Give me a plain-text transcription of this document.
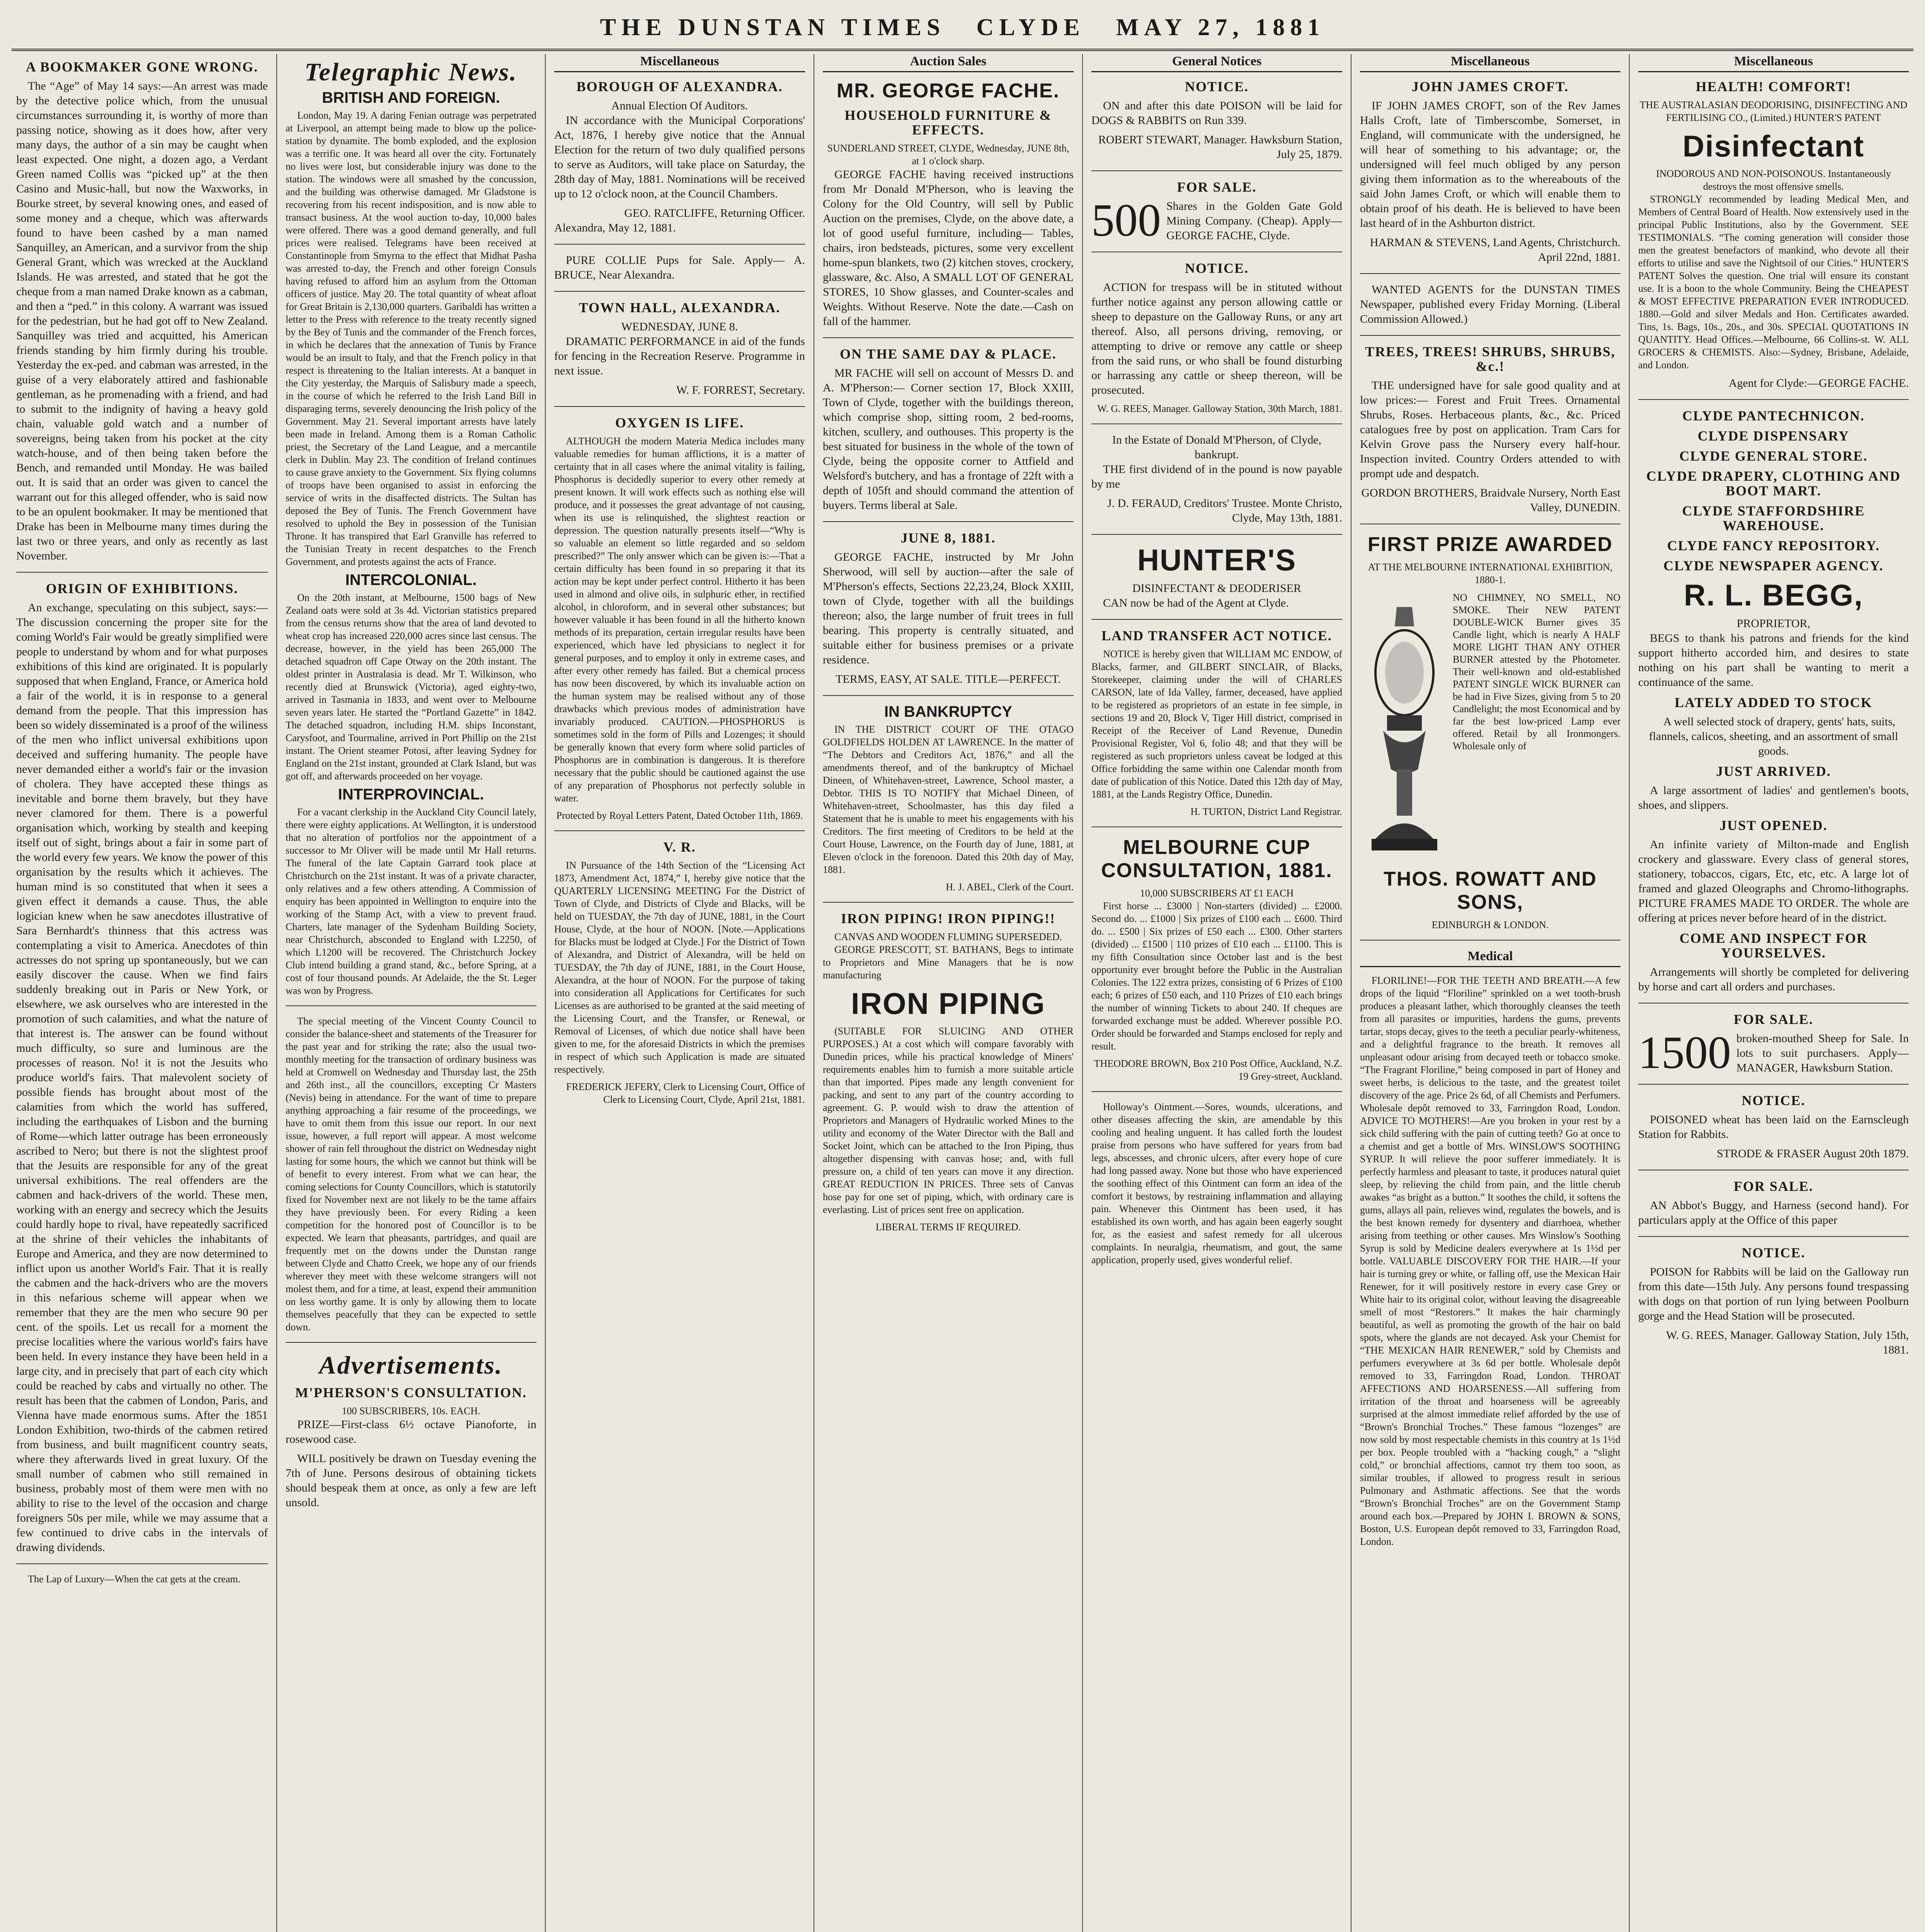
THE DUNSTAN TIMES CLYDE MAY 27, 1881
A BOOKMAKER GONE WRONG.
The “Age” of May 14 says:—An arrest was made by the detective police which, from the unusual circumstances surrounding it, is worthy of more than passing notice, showing as it does how, after very many days, the author of a sin may be caught when least expected. One night, a dozen ago, a Verdant Green named Collis was “picked up” at the then Casino and Music-hall, but now the Waxworks, in Bourke street, by several knowing ones, and eased of some money and a cheque, which was afterwards found to have been cashed by a man named Sanquilley, an American, and a survivor from the ship General Grant, which was wrecked at the Auckland Islands. He was arrested, and stated that he got the cheque from a man named Drake known as a cabman, and then a “ped.” in this colony. A warrant was issued for the pedestrian, but he had got off to New Zealand. Sanquilley was tried and acquitted, his American friends standing by him firmly during his trouble. Yesterday the ex-ped. and cabman was arrested, in the guise of a very elaborately attired and fashionable gentleman, as he promenading with a friend, and had to submit to the indignity of having a heavy gold chain, valuable gold watch and a number of sovereigns, being taken from his pocket at the city watch-house, and of then being taken before the Bench, and remanded until Monday. He was bailed out. It is said that an order was given to cancel the warrant out for this alleged offender, who is said now to be an opulent bookmaker. It may be mentioned that Drake has been in Melbourne many times during the last two or three years, and only as recently as last November.
ORIGIN OF EXHIBITIONS.
An exchange, speculating on this subject, says:—The discussion concerning the proper site for the coming World's Fair would be greatly simplified were people to understand by whom and for what purposes exhibitions of this kind are originated. It is popularly supposed that when England, France, or America hold a fair of the world, it is in response to a general demand from the people. That this impression has been so widely disseminated is a proof of the wiliness of the men who inflict universal exhibitions upon deceived and suffering humanity. The people have never demanded either a world's fair or the invasion of cholera. They have accepted these things as inevitable and borne them bravely, but they have never clamored for them. There is a powerful organisation which, working by stealth and keeping itself out of sight, brings about a fair in some part of the world every few years. We know the power of this organisation by the results which it achieves. The human mind is so constituted that when it sees a given effect it demands a cause. Thus, the able logician knew when he saw anecdotes illustrative of Sara Bernhardt's thinness that this actress was contemplating a visit to America. Anecdotes of thin actresses do not spring up spontaneously, but we can easily discover the cause. When we find fairs suddenly breaking out in Paris or New York, or elsewhere, we ask ourselves who are interested in the promotion of such calamities, and what the nature of that interest is. The answer can be found without much difficulty, so sure and luminous are the processes of reason. No! it is not the Jesuits who produce world's fairs. That malevolent society of possible fiends has brought about most of the calamities from which the world has suffered, including the earthquakes of Lisbon and the burning of Rome—which latter outrage has been erroneously ascribed to Nero; but there is not the slightest proof that the Jesuits are responsible for any of the great universal exhibitions. The real offenders are the cabmen and hack-drivers of the world. These men, working with an energy and secrecy which the Jesuits could hardly hope to rival, have repeatedly sacrificed at the shrine of their vehicles the inhabitants of Europe and America, and they are now determined to inflict upon us another World's Fair. That it is really the cabmen and the hack-drivers who are the movers in this nefarious scheme will appear when we remember that they are the men who secure 90 per cent. of the spoils. Let us recall for a moment the precise localities where the various world's fairs have been held. In every instance they have been held in a large city, and in precisely that part of each city which could be reached by cabs and virtually no other. The result has been that the cabmen of London, Paris, and Vienna have made enormous sums. After the 1851 London Exhibition, two-thirds of the cabmen retired from business, and built magnificent country seats, where they afterwards lived in great luxury. Of the small number of cabmen who still remained in business, probably most of them were men with no ability to rise to the level of the occasion and charge foreigners 50s per mile, while we may assume that a few continued to drive cabs in the intervals of drawing dividends.
The Lap of Luxury—When the cat gets at the cream.
Telegraphic News.
BRITISH AND FOREIGN.
London, May 19. A daring Fenian outrage was perpetrated at Liverpool, an attempt being made to blow up the police-station by dynamite. The bomb exploded, and the explosion was a terrific one. It was heard all over the city. Fortunately no lives were lost, but considerable injury was done to the station. The windows were all smashed by the concussion, and the building was otherwise damaged. Mr Gladstone is recovering from his recent indisposition, and is now able to transact business. At the wool auction to-day, 10,000 bales were offered. There was a good demand generally, and full prices were realised. Telegrams have been received at Constantinople from Smyrna to the effect that Midhat Pasha was arrested to-day, the French and other foreign Consuls having refused to afford him an asylum from the Ottoman officers of justice. May 20. The total quantity of wheat afloat for Great Britain is 2,130,000 quarters. Garibaldi has written a letter to the Press with reference to the treaty recently signed by the Bey of Tunis and the commander of the French forces, in which he declares that the annexation of Tunis by France would be an insult to Italy, and that the French policy in that respect is threatening to the Italian interests. At a banquet in the City yesterday, the Marquis of Salisbury made a speech, in the course of which he referred to the Irish Land Bill in disparaging terms, severely denouncing the Irish policy of the Government. May 21. Several important arrests have lately been made in Ireland. Among them is a Roman Catholic priest, the Secretary of the Land League, and a mercantile clerk in Dublin. May 23. The condition of Ireland continues to cause grave anxiety to the Government. Six flying columns of troops have been organised to assist in enforcing the service of writs in the disaffected districts. The Sultan has deposed the Bey of Tunis. The French Government have resolved to uphold the Bey in possession of the Tunisian Throne. It has transpired that Earl Granville has referred to the Tunisian Treaty in recent despatches to the French Government, and protests against the acts of France.
INTERCOLONIAL.
On the 20th instant, at Melbourne, 1500 bags of New Zealand oats were sold at 3s 4d. Victorian statistics prepared from the census returns show that the area of land devoted to wheat crop has increased 220,000 acres since last census. The decrease, however, in the yield has been 265,000 The detached squadron off Cape Otway on the 20th instant. The oldest printer in Australasia is dead. Mr T. Wilkinson, who recently died at Brunswick (Victoria), aged eighty-two, arrived in Tasmania in 1833, and went over to Melbourne seven years later. He started the “Portland Gazette” in 1842. The detached squadron, including H.M. ships Inconstant, Carysfoot, and Tourmaline, arrived in Port Phillip on the 21st instant. The Orient steamer Potosi, after leaving Sydney for England on the 21st instant, grounded at Clark Island, but was got off, and afterwards proceeded on her voyage.
INTERPROVINCIAL.
For a vacant clerkship in the Auckland City Council lately, there were eighty applications. At Wellington, it is understood that no alteration of portfolios nor the appointment of a successor to Mr Oliver will be made until Mr Hall returns. The funeral of the late Captain Garrard took place at Christchurch on the 21st instant. It was of a private character, only relatives and a few others attending. A Commission of enquiry has been appointed in Wellington to enquire into the working of the Stamp Act, with a view to prevent fraud. Charters, late manager of the Sydenham Building Society, near Christchurch, absconded to England with L2250, of which L1200 will be recovered. The Christchurch Jockey Club intend building a grand stand, &c., before Spring, at a cost of four thousand pounds. At Adelaide, the the St. Leger was won by Progress.
The special meeting of the Vincent County Council to consider the balance-sheet and statements of the Treasurer for the past year and for striking the rate; also the usual two-monthly meeting for the transaction of ordinary business was held at Cromwell on Wednesday and Thursday last, the 25th and 26th inst., all the councillors, excepting Cr Masters (Nevis) being in attendance. For the want of time to prepare anything approaching a fair resume of the proceedings, we have to omit them from this issue our report. In our next issue, however, a full report will appear. A most welcome shower of rain fell throughout the district on Wednesday night lasting for some hours, the which we cannot but think will be of benefit to every interest. From what we can hear, the coming selections for County Councillors, which is statutorily fixed for November next are not likely to be the tame affairs they have previously been. For every Riding a keen competition for the honored post of Councillor is to be expected. We learn that pheasants, partridges, and quail are frequently met on the downs under the Dunstan range between Clyde and Chatto Creek, we hope any of our friends wherever they meet with these welcome strangers will not molest them, and for a time, at least, expend their ammunition on less worthy game. It is only by allowing them to locate themselves peacefully that they can be expected to settle down.
Advertisements.
M'PHERSON'S CONSULTATION.
100 SUBSCRIBERS, 10s. EACH.
PRIZE—First-class 6½ octave Pianoforte, in rosewood case.
WILL positively be drawn on Tuesday evening the 7th of June. Persons desirous of obtaining tickets should bespeak them at once, as only a few are left unsold.
Miscellaneous
BOROUGH OF ALEXANDRA.
Annual Election Of Auditors.
IN accordance with the Municipal Corporations' Act, 1876, I hereby give notice that the Annual Election for the return of two duly qualified persons to serve as Auditors, will take place on Saturday, the 28th day of May, 1881. Nominations will be received up to 12 o'clock noon, at the Council Chambers.
GEO. RATCLIFFE, Returning Officer.
Alexandra, May 12, 1881.
PURE COLLIE Pups for Sale. Apply— A. BRUCE, Near Alexandra.
TOWN HALL, ALEXANDRA.
WEDNESDAY, JUNE 8.
DRAMATIC PERFORMANCE in aid of the funds for fencing in the Recreation Reserve. Programme in next issue.
W. F. FORREST, Secretary.
OXYGEN IS LIFE.
ALTHOUGH the modern Materia Medica includes many valuable remedies for human afflictions, it is a matter of certainty that in all cases where the animal vitality is failing, Phosphorus is decidedly superior to every other remedy at present known. It will work effects such as nothing else will produce, and it possesses the great advantage of not causing, when its use is relinquished, the slightest reaction or depression. The question naturally presents itself—“Why is so valuable an element so little regarded and so seldom prescribed?” The only answer which can be given is:—That a certain difficulty has been found in so preparing it that its action may be kept under perfect control. Hitherto it has been used in almond and olive oils, in sulphuric ether, in rectified alcohol, in chloroform, and in several other substances; but however valuable it has been found in all the hitherto known methods of its preparation, certain irregular results have been experienced, which have led physicians to neglect it for general purposes, and to employ it only in extreme cases, and after every other remedy has failed. But a chemical process has now been discovered, by which its invaluable action on the human system may be realised without any of those drawbacks which previous modes of administration have invariably produced. CAUTION.—PHOSPHORUS is sometimes sold in the form of Pills and Lozenges; it should be generally known that every form where solid particles of Phosphorus are in combination is dangerous. It is therefore necessary that the public should be cautioned against the use of any preparation of Phosphorus not perfectly soluble in water.
Protected by Royal Letters Patent, Dated October 11th, 1869.
V. R.
IN Pursuance of the 14th Section of the “Licensing Act 1873, Amendment Act, 1874,” I, hereby give notice that the QUARTERLY LICENSING MEETING For the District of Town of Clyde, and Districts of Clyde and Blacks, will be held on TUESDAY, the 7th day of JUNE, 1881, in the Court House, Clyde, at the hour of NOON. [Note.—Applications for Blacks must be lodged at Clyde.] For the District of Town of Alexandra, and District of Alexandra, will be held on TUESDAY, the 7th day of JUNE, 1881, in the Court House, Alexandra, at the hour of NOON. For the purpose of taking into consideration all Applications for Certificates for such Licenses as are authorised to be granted at the said meeting of the Licensing Court, and the Transfer, or Renewal, or Removal of Licenses, of which due notice shall have been given to me, for the aforesaid Districts in which the premises in respect of which such Application is made are situated respectively.
FREDERICK JEFERY, Clerk to Licensing Court, Office of Clerk to Licensing Court, Clyde, April 21st, 1881.
Auction Sales
MR. GEORGE FACHE.
HOUSEHOLD FURNITURE & EFFECTS.
SUNDERLAND STREET, CLYDE, Wednesday, JUNE 8th, at 1 o'clock sharp.
GEORGE FACHE having received instructions from Mr Donald M'Pherson, who is leaving the Colony for the Old Country, will sell by Public Auction on the premises, Clyde, on the above date, a lot of good useful furniture, including— Tables, chairs, iron bedsteads, pictures, some very excellent home-spun blankets, two (2) kitchen stoves, crockery, glassware, &c. Also, A SMALL LOT OF GENERAL STORES, 10 Show glasses, and Counter-scales and Weights. Without Reserve. Note the date.—Cash on fall of the hammer.
ON THE SAME DAY & PLACE.
MR FACHE will sell on account of Messrs D. and A. M'Pherson:— Corner section 17, Block XXIII, Town of Clyde, together with the buildings thereon, which comprise shop, sitting room, 2 bed-rooms, kitchen, scullery, and outhouses. This property is the best situated for business in the whole of the town of Clyde, being the opposite corner to Attfield and Welsford's butchery, and has a frontage of 22ft with a depth of 105ft and should command the attention of buyers. Terms liberal at Sale.
JUNE 8, 1881.
GEORGE FACHE, instructed by Mr John Sherwood, will sell by auction—after the sale of M'Pherson's effects, Sections 22,23,24, Block XXIII, town of Clyde, together with all the buildings thereon; also, the large number of fruit trees in full bearing. This property is centrally situated, and suitable either for business premises or a private residence.
TERMS, EASY, AT SALE. TITLE—PERFECT.
IN BANKRUPTCY
IN THE DISTRICT COURT OF THE OTAGO GOLDFIELDS HOLDEN AT LAWRENCE. In the matter of “The Debtors and Creditors Act, 1876,” and all the amendments thereof, and of the bankruptcy of Michael Dineen, of Whitehaven-street, Lawrence, School master, a Debtor. THIS IS TO NOTIFY that Michael Dineen, of Whitehaven-street, Schoolmaster, has this day filed a Statement that he is unable to meet his engagements with his Creditors. The first meeting of Creditors to be held at the Court House, Lawrence, on the Fourth day of June, 1881, at Eleven o'clock in the forenoon. Dated this 20th day of May, 1881.
H. J. ABEL, Clerk of the Court.
IRON PIPING! IRON PIPING!!
CANVAS AND WOODEN FLUMING SUPERSEDED.
GEORGE PRESCOTT, ST. BATHANS, Begs to intimate to Proprietors and Mine Managers that he is now manufacturing
IRON PIPING
(SUITABLE FOR SLUICING AND OTHER PURPOSES.) At a cost which will compare favorably with Dunedin prices, while his practical knowledge of Miners' requirements enables him to furnish a more suitable article than that imported. Pipes made any length convenient for packing, and sent to any part of the country according to agreement. G. P. would wish to draw the attention of Proprietors and Managers of Hydraulic worked Mines to the utility and economy of the Water Director with the Ball and Socket Joint, which can be attached to the Iron Piping, thus altogether dispensing with canvas hose; and, with full pressure on, a child of ten years can move it any direction. GREAT REDUCTION IN PRICES. Three sets of Canvas hose pay for one set of piping, which, with ordinary care is everlasting. List of prices sent free on application.
LIBERAL TERMS IF REQUIRED.
General Notices
NOTICE.
ON and after this date POISON will be laid for DOGS & RABBITS on Run 339.
ROBERT STEWART, Manager. Hawksburn Station, July 25, 1879.
FOR SALE.
500 Shares in the Golden Gate Gold Mining Company. (Cheap). Apply—GEORGE FACHE, Clyde.
NOTICE.
ACTION for trespass will be in stituted without further notice against any person allowing cattle or sheep to depasture on the Galloway Runs, or any art thereof. Also, all persons driving, removing, or attempting to drive or remove any cattle or sheep from the said runs, or who shall be found disturbing or harrassing any cattle or sheep thereon, will be prosecuted.
W. G. REES, Manager. Galloway Station, 30th March, 1881.
In the Estate of Donald M'Pherson, of Clyde, bankrupt.
THE first dividend of in the pound is now payable by me
J. D. FERAUD, Creditors' Trustee. Monte Christo, Clyde, May 13th, 1881.
HUNTER'S
DISINFECTANT & DEODERISER
CAN now be had of the Agent at Clyde.
LAND TRANSFER ACT NOTICE.
NOTICE is hereby given that WILLIAM MC ENDOW, of Blacks, farmer, and GILBERT SINCLAIR, of Blacks, Storekeeper, claiming under the will of CHARLES CARSON, late of Ida Valley, farmer, deceased, have applied to be registered as proprietors of an estate in fee simple, in sections 19 and 20, Block V, Tiger Hill district, comprised in Receipt of the Receiver of Land Revenue, Dunedin Provisional Register, Vol 6, folio 48; and that they will be registered as such proprietors unless caveat be lodged at this Office forbidding the same within one Calendar month from date of publication of this Notice. Dated this 12th day of May, 1881, at the Lands Registry Office, Dunedin.
H. TURTON, District Land Registrar.
MELBOURNE CUP CONSULTATION, 1881.
10,000 SUBSCRIBERS AT £1 EACH
First horse ... £3000 | Non-starters (divided) ... £2000. Second do. ... £1000 | Six prizes of £100 each ... £600. Third do. ... £500 | Six prizes of £50 each ... £300. Other starters (divided) ... £1500 | 110 prizes of £10 each ... £1100. This is my fifth Consultation since October last and is the best opportunity ever brought before the Public in the Australian Colonies. The 122 extra prizes, consisting of 6 Prizes of £100 each; 6 prizes of £50 each, and 110 Prizes of £10 each brings the number of winning Tickets to about 240. If cheques are forwarded exchange must be added. Wherever possible P.O. Order should be forwarded and Stamps enclosed for reply and result.
THEODORE BROWN, Box 210 Post Office, Auckland, N.Z. 19 Grey-street, Auckland.
Holloway's Ointment.—Sores, wounds, ulcerations, and other diseases affecting the skin, are amendable by this cooling and healing unguent. It has called forth the loudest praise from persons who have suffered for years from bad legs, abscesses, and chronic ulcers, after every hope of cure had long passed away. None but those who have experienced the soothing effect of this Ointment can form an idea of the comfort it bestows, by restraining inflammation and allaying pain. Whenever this Ointment has been used, it has established its own worth, and has again been eagerly sought for, as the easiest and safest remedy for all ulcerous complaints. In neuralgia, rheumatism, and gout, the same application, properly used, gives wonderful relief.
Miscellaneous
JOHN JAMES CROFT.
IF JOHN JAMES CROFT, son of the Rev James Halls Croft, late of Timberscombe, Somerset, in England, will communicate with the undersigned, he will hear of something to his advantage; or, the undersigned will feel much obliged by any person giving them information as to the whereabouts of the said John James Croft, or which will enable them to obtain proof of his death. He is believed to have been last heard of in the Ashburton district.
HARMAN & STEVENS, Land Agents, Christchurch. April 22nd, 1881.
WANTED AGENTS for the DUNSTAN TIMES Newspaper, published every Friday Morning. (Liberal Commission Allowed.)
TREES, TREES! SHRUBS, SHRUBS, &c.!
THE undersigned have for sale good quality and at low prices:— Forest and Fruit Trees. Ornamental Shrubs, Roses. Herbaceous plants, &c., &c. Priced catalogues free by post on application. Tram Cars for Kelvin Grove pass the Nursery every half-hour. Inspection invited. Country Orders attended to with prompt ude and despatch.
GORDON BROTHERS, Braidvale Nursery, North East Valley, DUNEDIN.
FIRST PRIZE AWARDED
AT THE MELBOURNE INTERNATIONAL EXHIBITION, 1880-1.
NO CHIMNEY, NO SMELL, NO SMOKE. Their NEW PATENT DOUBLE-WICK Burner gives 35 Candle light, which is nearly A HALF MORE LIGHT THAN ANY OTHER BURNER attested by the Photometer. Their well-known and old-established PATENT SINGLE WICK BURNER can be had in Five Sizes, giving from 5 to 20 Candlelight; the most Economical and by far the best low-priced Lamp ever offered. Retail by all Ironmongers. Wholesale only of
THOS. ROWATT AND SONS,
EDINBURGH & LONDON.
Medical
FLORILINE!—FOR THE TEETH AND BREATH.—A few drops of the liquid “Floriline” sprinkled on a wet tooth-brush produces a pleasant lather, which thoroughly cleanses the teeth from all parasites or impurities, hardens the gums, prevents tartar, stops decay, gives to the teeth a peculiar pearly-whiteness, and a delightful fragrance to the breath. It removes all unpleasant odour arising from decayed teeth or tobacco smoke. “The Fragrant Floriline,” being composed in part of Honey and sweet herbs, is delicious to the taste, and the greatest toilet discovery of the age. Price 2s 6d, of all Chemists and Perfumers. Wholesale depôt removed to 33, Farringdon Road, London. ADVICE TO MOTHERS!—Are you broken in your rest by a sick child suffering with the pain of cutting teeth? Go at once to a chemist and get a bottle of Mrs. WINSLOW'S SOOTHING SYRUP. It will relieve the poor sufferer immediately. It is perfectly harmless and pleasant to taste, it produces natural quiet sleep, by relieving the child from pain, and the little cherub awakes “as bright as a button.” It soothes the child, it softens the gums, allays all pain, relieves wind, regulates the bowels, and is the best known remedy for dysentery and diarrhoea, whether arising from teething or other causes. Mrs Winslow's Soothing Syrup is sold by Medicine dealers everywhere at 1s 1½d per bottle. VALUABLE DISCOVERY FOR THE HAIR.—If your hair is turning grey or white, or falling off, use the Mexican Hair Renewer, for it will positively restore in every case Grey or White hair to its original color, without leaving the disagreeable smell of most “Restorers.” It makes the hair charmingly beautiful, as well as promoting the growth of the hair on bald spots, where the glands are not decayed. Ask your Chemist for “THE MEXICAN HAIR RENEWER,” sold by Chemists and perfumers everywhere at 3s 6d per bottle. Wholesale depôt removed to 33, Farringdon Road, London. THROAT AFFECTIONS AND HOARSENESS.—All suffering from irritation of the throat and hoarseness will be agreeably surprised at the almost immediate relief afforded by the use of “Brown's Bronchial Troches.” These famous “lozenges” are now sold by most respectable chemists in this country at 1s 1½d per box. People troubled with a “hacking cough,” a “slight cold,” or bronchial affections, cannot try them too soon, as similar troubles, if allowed to progress result in serious Pulmonary and Asthmatic affections. See that the words “Brown's Bronchial Troches” are on the Government Stamp around each box.—Prepared by JOHN I. BROWN & SONS, Boston, U.S. European depôt removed to 33, Farringdon Road, London.
Miscellaneous
HEALTH! COMFORT!
THE AUSTRALASIAN DEODORISING, DISINFECTING AND FERTILISING CO., (Limited.) HUNTER'S PATENT
Disinfectant
INODOROUS AND NON-POISONOUS. Instantaneously destroys the most offensive smells.
STRONGLY recommended by leading Medical Men, and Members of Central Board of Health. Now extensively used in the principal Public Institutions, also by the Government. SEE TESTIMONIALS. “The coming generation will consider those men the greatest benefactors of mankind, who devote all their efforts to utilise and save the Nightsoil of our Cities.” HUNTER'S PATENT Solves the question. One trial will ensure its constant use. It is a boon to the whole Community. Being the CHEAPEST & MOST EFFECTIVE PREPARATION EVER INTRODUCED. 1880.—Gold and silver Medals and Hon. Certificates awarded. Tins, 1s. Bags, 10s., 20s., and 30s. SPECIAL QUOTATIONS IN QUANTITY. Head Offices.—Melbourne, 66 Collins-st. W. ALL GROCERS & CHEMISTS. Also:—Sydney, Brisbane, Adelaide, and London.
Agent for Clyde:—GEORGE FACHE.
CLYDE PANTECHNICON.
CLYDE DISPENSARY
CLYDE GENERAL STORE.
CLYDE DRAPERY, CLOTHING AND BOOT MART.
CLYDE STAFFORDSHIRE WAREHOUSE.
CLYDE FANCY REPOSITORY.
CLYDE NEWSPAPER AGENCY.
R. L. BEGG,
PROPRIETOR,
BEGS to thank his patrons and friends for the kind support hitherto accorded him, and desires to state nothing on his part shall be wanting to merit a continuance of the same.
LATELY ADDED TO STOCK
A well selected stock of drapery, gents' hats, suits, flannels, calicos, sheeting, and an assortment of small goods.
JUST ARRIVED.
A large assortment of ladies' and gentlemen's boots, shoes, and slippers.
JUST OPENED.
An infinite variety of Milton-made and English crockery and glassware. Every class of general stores, stationery, tobaccos, cigars, Etc, etc, etc. A large lot of framed and glazed Oleographs and Chromo-lithographs. PICTURE FRAMES MADE TO ORDER. The whole are offering at prices never before heard of in the district.
COME AND INSPECT FOR YOURSELVES.
Arrangements will shortly be completed for delivering by horse and cart all orders and purchases.
FOR SALE.
1500 broken-mouthed Sheep for Sale. In lots to suit purchasers. Apply— MANAGER, Hawksburn Station.
NOTICE.
POISONED wheat has been laid on the Earnscleugh Station for Rabbits.
STRODE & FRASER August 20th 1879.
FOR SALE.
AN Abbot's Buggy, and Harness (second hand). For particulars apply at the Office of this paper
NOTICE.
POISON for Rabbits will be laid on the Galloway run from this date—15th July. Any persons found trespassing with dogs on that portion of run lying between Poolburn gorge and the Head Station will be prosecuted.
W. G. REES, Manager. Galloway Station, July 15th, 1881.
